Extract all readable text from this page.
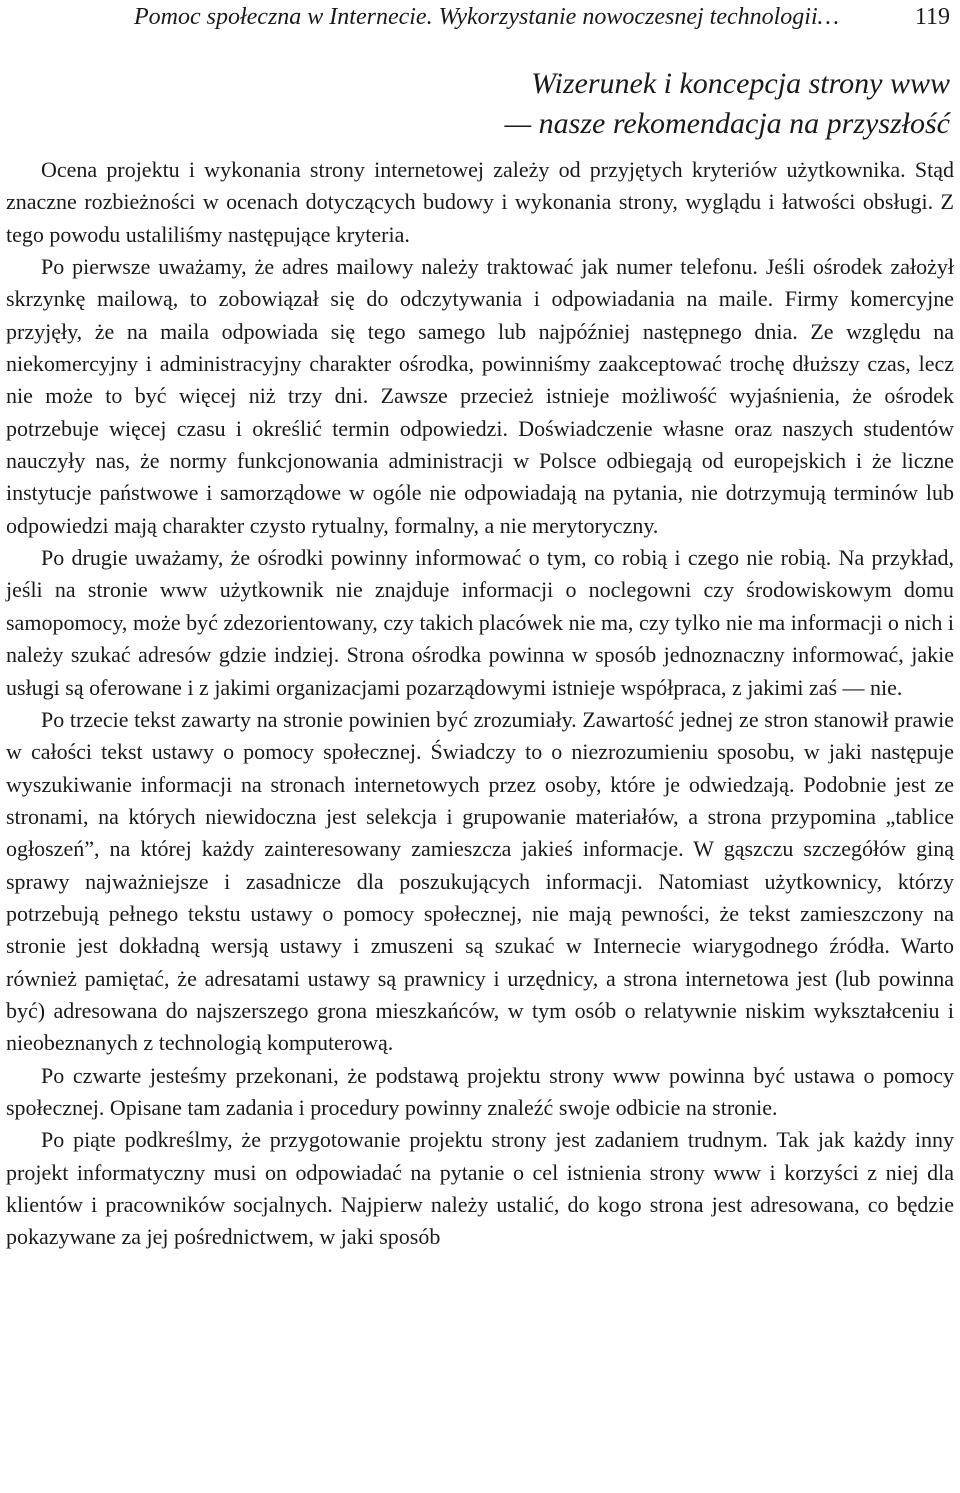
Pomoc społeczna w Internecie. Wykorzystanie nowoczesnej technologii…	119
Wizerunek i koncepcja strony www
— nasze rekomendacja na przyszłość

Ocena projektu i wykonania strony internetowej zależy od przyjętych kryteriów użytkownika. Stąd znaczne rozbieżności w ocenach dotyczących budowy i wykonania strony, wyglądu i łatwości obsługi. Z tego powodu ustaliliśmy następujące kryteria.

Po pierwsze uważamy, że adres mailowy należy traktować jak numer telefonu. Jeśli ośrodek założył skrzynkę mailową, to zobowiązał się do odczytywania i odpowiadania na maile. Firmy komercyjne przyjęły, że na maila odpowiada się tego samego lub najpóźniej następnego dnia. Ze względu na niekomercyjny i administracyjny charakter ośrodka, powinniśmy zaakceptować trochę dłuższy czas, lecz nie może to być więcej niż trzy dni. Zawsze przecież istnieje możliwość wyjaśnienia, że ośrodek potrzebuje więcej czasu i określić termin odpowiedzi. Doświadczenie własne oraz naszych studentów nauczyły nas, że normy funkcjonowania administracji w Polsce odbiegają od europejskich i że liczne instytucje państwowe i samorządowe w ogóle nie odpowiadają na pytania, nie dotrzymują terminów lub odpowiedzi mają charakter czysto rytualny, formalny, a nie merytoryczny.

Po drugie uważamy, że ośrodki powinny informować o tym, co robią i czego nie robią. Na przykład, jeśli na stronie www użytkownik nie znajduje informacji o noclegowni czy środowiskowym domu samopomocy, może być zdezorientowany, czy takich placówek nie ma, czy tylko nie ma informacji o nich i należy szukać adresów gdzie indziej. Strona ośrodka powinna w sposób jednoznaczny informować, jakie usługi są oferowane i z jakimi organizacjami pozarządowymi istnieje współpraca, z jakimi zaś — nie.

Po trzecie tekst zawarty na stronie powinien być zrozumiały. Zawartość jednej ze stron stanowił prawie w całości tekst ustawy o pomocy społecznej. Świadczy to o niezrozumieniu sposobu, w jaki następuje wyszukiwanie informacji na stronach internetowych przez osoby, które je odwiedzają. Podobnie jest ze stronami, na których niewidoczna jest selekcja i grupowanie materiałów, a strona przypomina „tablice ogłoszeń”, na której każdy zainteresowany zamieszcza jakieś informacje. W gąszczu szczegółów giną sprawy najważniejsze i zasadnicze dla poszukujących informacji. Natomiast użytkownicy, którzy potrzebują pełnego tekstu ustawy o pomocy społecznej, nie mają pewności, że tekst zamieszczony na stronie jest dokładną wersją ustawy i zmuszeni są szukać w Internecie wiarygodnego źródła. Warto również pamiętać, że adresatami ustawy są prawnicy i urzędnicy, a strona internetowa jest (lub powinna być) adresowana do najszerszego grona mieszkańców, w tym osób o relatywnie niskim wykształceniu i nieobeznanych z technologią komputerową.

Po czwarte jesteśmy przekonani, że podstawą projektu strony www powinna być ustawa o pomocy społecznej. Opisane tam zadania i procedury powinny znaleźć swoje odbicie na stronie.

Po piąte podkreślmy, że przygotowanie projektu strony jest zadaniem trudnym. Tak jak każdy inny projekt informatyczny musi on odpowiadać na pytanie o cel istnienia strony www i korzyści z niej dla klientów i pracowników socjalnych. Najpierw należy ustalić, do kogo strona jest adresowana, co będzie pokazywane za jej pośrednictwem, w jaki sposób
